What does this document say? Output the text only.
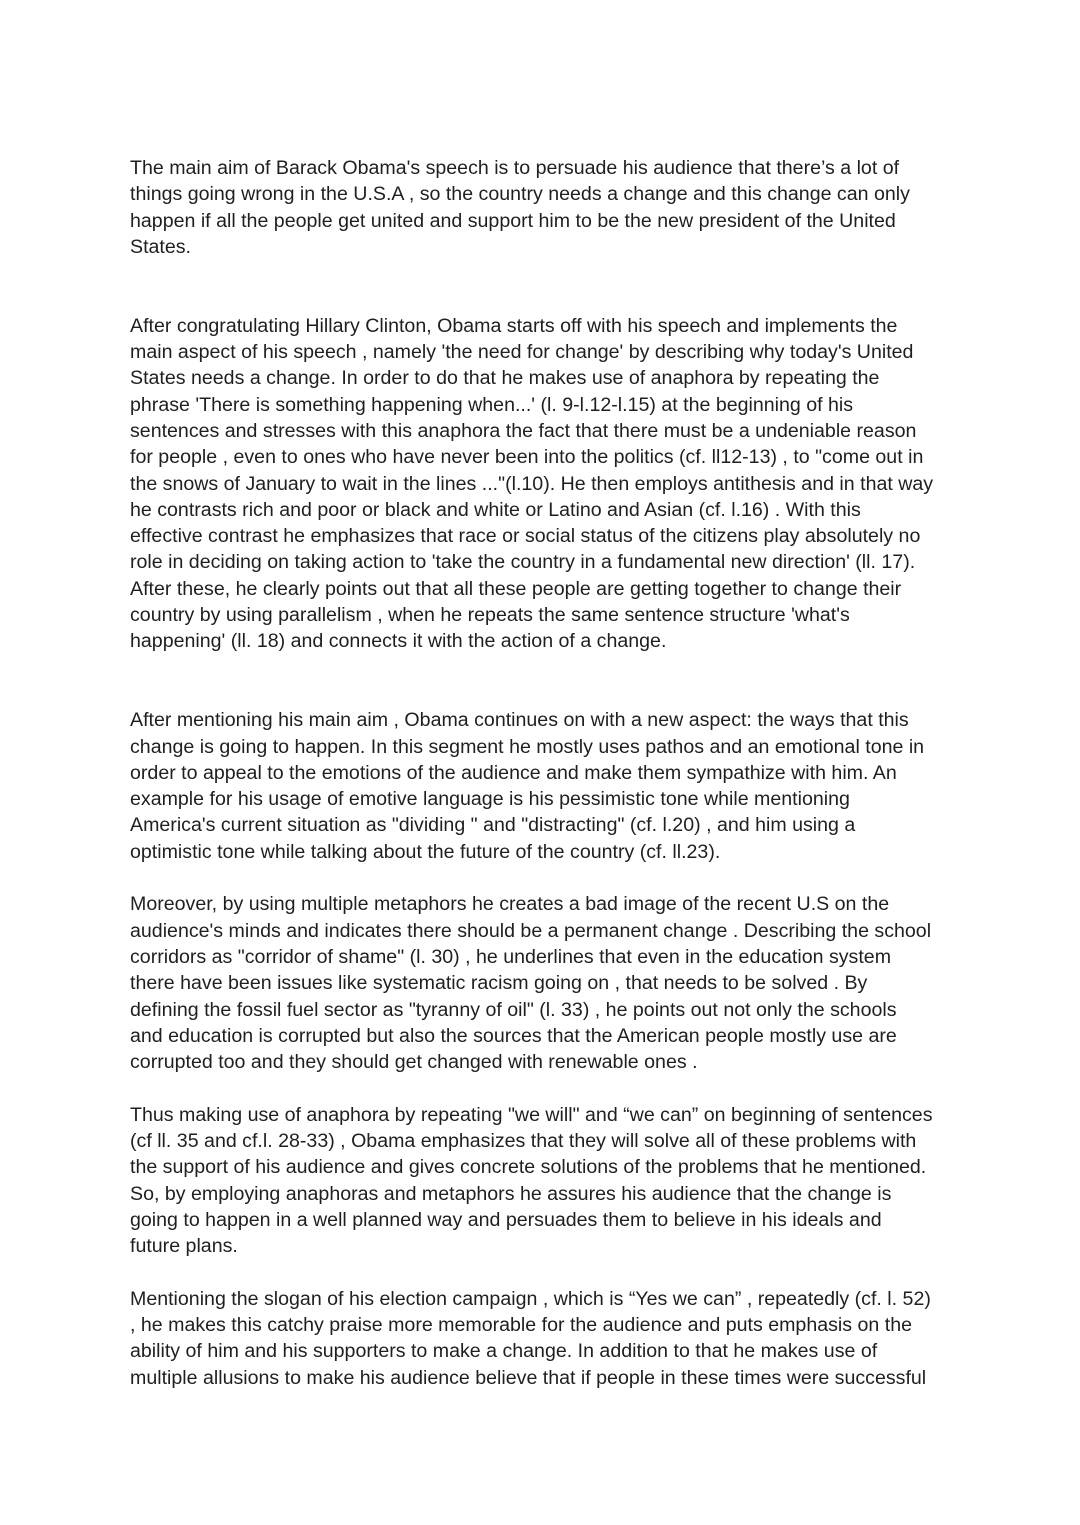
The main aim of Barack Obama's speech is to persuade his audience that there’s a lot of
things going wrong in the U.S.A , so the country needs a change and this change can only
happen if all the people get united and support him to be the new president of the United
States.

After congratulating Hillary Clinton, Obama starts off with his speech and implements the
main aspect of his speech , namely 'the need for change' by describing why today's United
States needs a change. In order to do that he makes use of anaphora by repeating the
phrase 'There is something happening when...' (l. 9-l.12-l.15) at the beginning of his
sentences and stresses with this anaphora the fact that there must be a undeniable reason
for people , even to ones who have never been into the politics (cf. ll12-13) , to "come out in
the snows of January to wait in the lines ..."(l.10). He then employs antithesis and in that way
he contrasts rich and poor or black and white or Latino and Asian (cf. l.16) . With this
effective contrast he emphasizes that race or social status of the citizens play absolutely no
role in deciding on taking action to 'take the country in a fundamental new direction' (ll. 17).
After these, he clearly points out that all these people are getting together to change their
country by using parallelism , when he repeats the same sentence structure 'what's
happening' (ll. 18) and connects it with the action of a change.

After mentioning his main aim , Obama continues on with a new aspect: the ways that this
change is going to happen. In this segment he mostly uses pathos and an emotional tone in
order to appeal to the emotions of the audience and make them sympathize with him. An
example for his usage of emotive language is his pessimistic tone while mentioning
America's current situation as "dividing " and "distracting" (cf. l.20) , and him using a
optimistic tone while talking about the future of the country (cf. ll.23).

Moreover, by using multiple metaphors he creates a bad image of the recent U.S on the
audience's minds and indicates there should be a permanent change . Describing the school
corridors as "corridor of shame" (l. 30) , he underlines that even in the education system
there have been issues like systematic racism going on , that needs to be solved . By
defining the fossil fuel sector as "tyranny of oil" (l. 33) , he points out not only the schools
and education is corrupted but also the sources that the American people mostly use are
corrupted too and they should get changed with renewable ones .

Thus making use of anaphora by repeating "we will" and “we can” on beginning of sentences
(cf ll. 35 and cf.l. 28-33) , Obama emphasizes that they will solve all of these problems with
the support of his audience and gives concrete solutions of the problems that he mentioned.
So, by employing anaphoras and metaphors he assures his audience that the change is
going to happen in a well planned way and persuades them to believe in his ideals and
future plans.

Mentioning the slogan of his election campaign , which is “Yes we can” , repeatedly (cf. l. 52)
, he makes this catchy praise more memorable for the audience and puts emphasis on the
ability of him and his supporters to make a change. In addition to that he makes use of
multiple allusions to make his audience believe that if people in these times were successful
